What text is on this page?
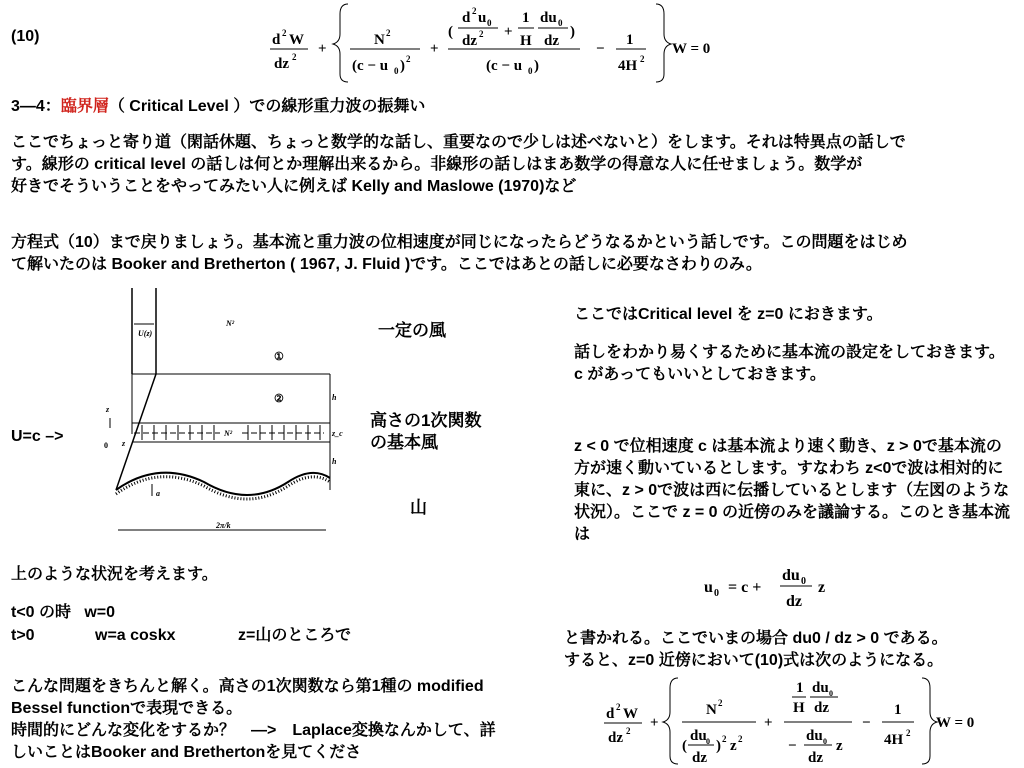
(10)	d 2 W
dz 2 +
N 2
(c − u 0 ) 2
+
(
d 2 u 0
dz 2 +
1
H
du 0
dz
)
(c − u 0 )
−
1
4H 2
W = 0
3—4：臨界層（ Critical Level ）での線形重力波の振舞い
ここでちょっと寄り道（閑話休題、ちょっと数学的な話し、重要なので少しは述べないと）をします。それは特異点の話しで
す。線形の critical level の話しは何とか理解出来るから。非線形の話しはまあ数学の得意な人に任せましょう。数学が
好きでそういうことをやってみたい人に例えば Kelly and Maslowe (1970)など
方程式（10）まで戻りましょう。基本流と重力波の位相速度が同じになったらどうなるかという話しです。この問題をはじめ
て解いたのは Booker and Bretherton ( 1967, J. Fluid )です。ここではあとの話しに必要なさわりのみ。
U=c –>
U(z)
N²
h
h
z_c
z
0 z
N²
①
②
a
2π/k
一定の風
高さの1次関数
の基本風
山
ここではCritical level を z=0 におきます。
話しをわかり易くするために基本流の設定をしておきます。
c があってもいいとしておきます。
z < 0 で位相速度 c は基本流より速く動き、z > 0で基本流の方が速く動いているとします。すなわち z<0で波は相対的に東に、z > 0で波は西に伝播しているとします（左図のような状況）。ここで z = 0 の近傍のみを議論する。このとき基本流は
u 0 = c +
du 0
dz
z
と書かれる。ここでいまの場合 du0 / dz > 0 である。
すると、z=0 近傍において(10)式は次のようになる。
d 2 W
dz 2 +
N 2
(
du 0
dz
) 2 z 2
+
1
H
du 0
dz
−
du 0
dz
z
−
1
4H 2
W = 0
上のような状況を考えます。
t<0 の時   w=0
t>0	w=a coskx	z=山のところで
こんな問題をきちんと解く。高さの1次関数なら第1種の modified Bessel functionで表現できる。
時間的にどんな変化をするか？　—>　Laplace変換なんかして、詳しいことはBooker and Brethertonを見てくださ
